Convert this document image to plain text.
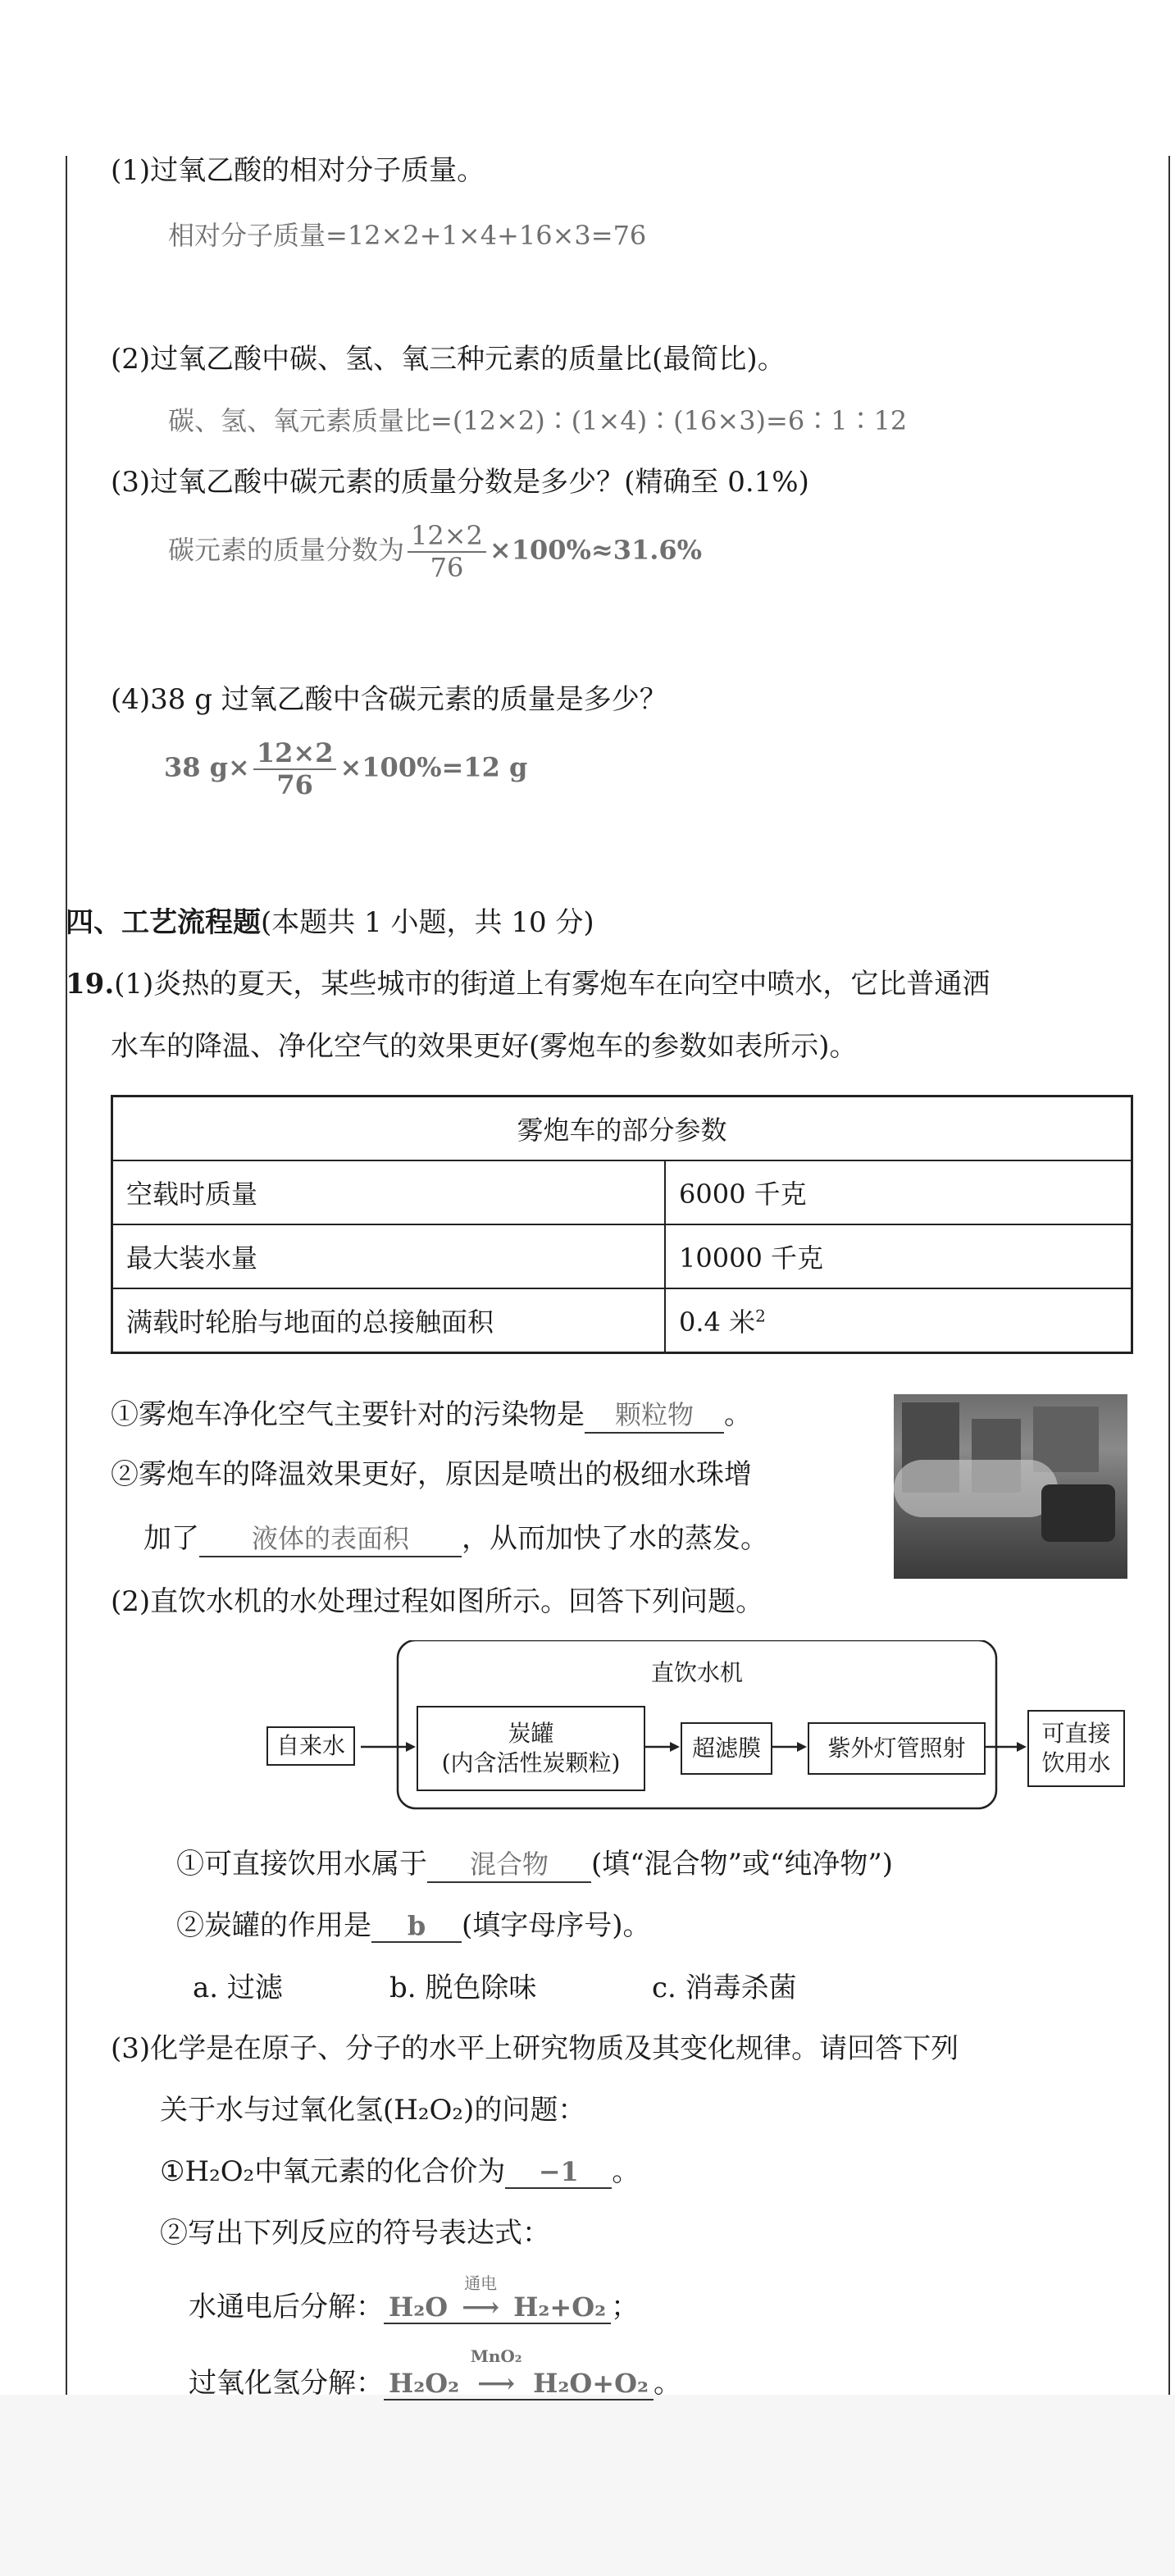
(1)过氧乙酸的相对分子质量。
相对分子质量=12×2+1×4+16×3=76
(2)过氧乙酸中碳、氢、氧三种元素的质量比(最简比)。
碳、氢、氧元素质量比=(12×2)∶(1×4)∶(16×3)=6∶1∶12
(3)过氧乙酸中碳元素的质量分数是多少？(精确至 0.1%)
碳元素的质量分数为 $\frac{12\times 2}{76} \times 100\%\approx 31.6\%$
(4)38 g 过氧乙酸中含碳元素的质量是多少？
38 $g\times \frac{12\times 2}{76} \times 100\%=12$ g
四、工艺流程题(本题共 1 小题，共 10 分)
19.(1)炎热的夏天，某些城市的街道上有雾炮车在向空中喷水，它比普通洒
水车的降温、净化空气的效果更好(雾炮车的参数如表所示)。
雾炮车的部分参数	
空载时质量	6000 千克
最大装水量	10000 千克
满载时轮胎与地面的总接触面积	0.4 米$^2$
①雾炮车净化空气主要针对的污染物是 颗粒物 。
②雾炮车的降温效果更好，原因是喷出的极细水珠增
加了 液体的表面积 ，从而加快了水的蒸发。
(2)直饮水机的水处理过程如图所示。回答下列问题。
自来水
直饮水机
炭罐
(内含活性炭颗粒)
超滤膜	紫外灯管照射
可直接
饮用水
①可直接饮用水属于 混合物 (填“混合物”或“纯净物”)
②炭罐的作用是 b (填字母序号)。
a. 过滤	b. 脱色除味	c. 消毒杀菌
(3)化学是在原子、分子的水平上研究物质及其变化规律。请回答下列
关于水与过氧化氢(H₂O₂)的问题：
①H₂O₂中氧元素的化合价为 −1 。
②写出下列反应的符号表达式：
水通电后分解： H₂O
通电
⟶ H₂+O₂ ；
过氧化氢分解： H₂O₂
MnO₂
⟶ H₂O+O₂ 。
